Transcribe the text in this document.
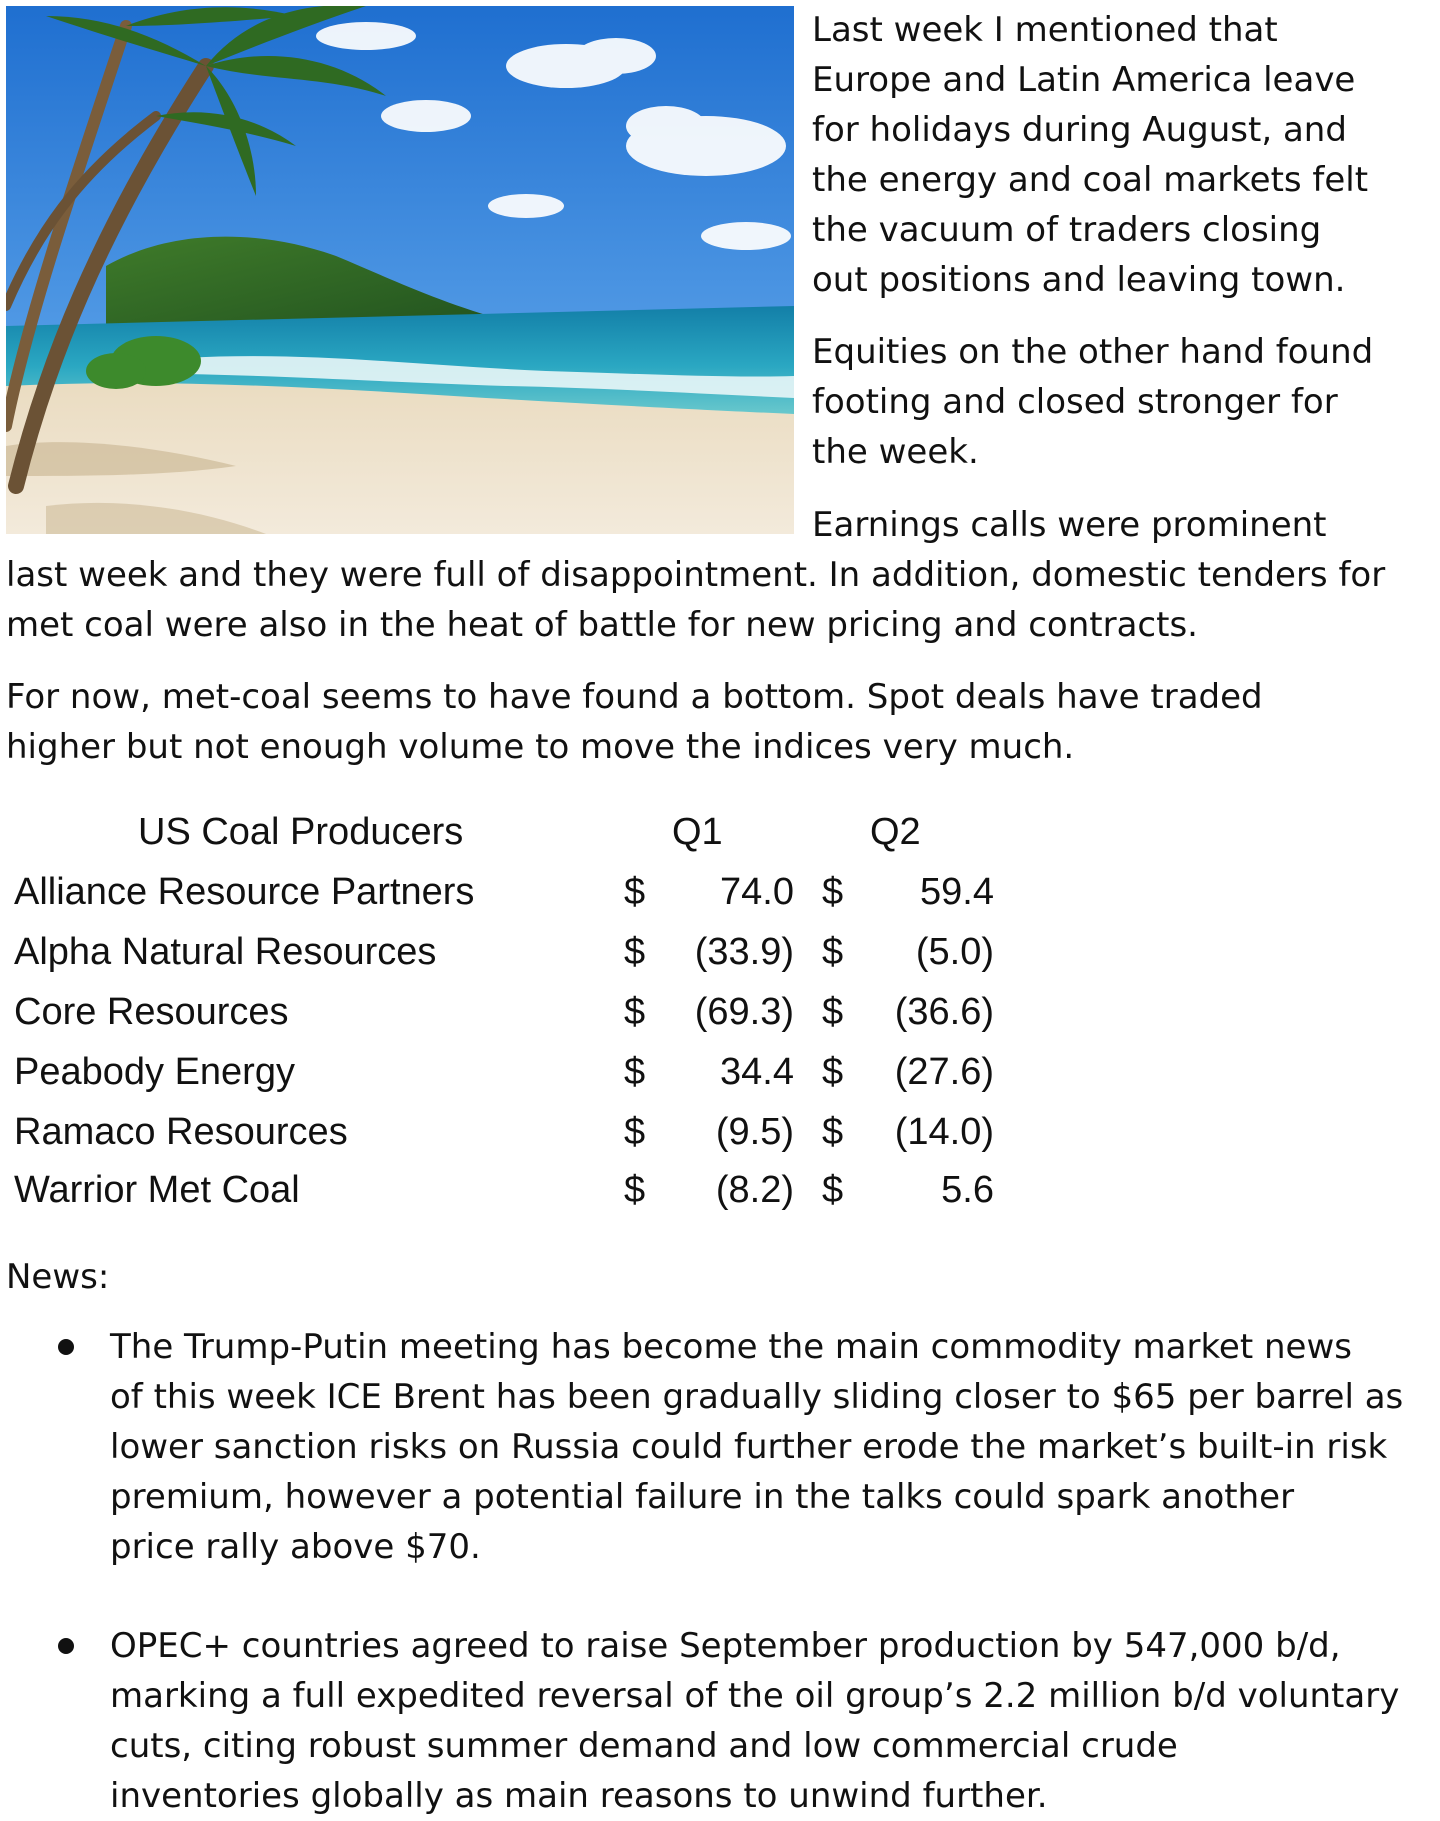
Last week I mentioned that
Europe and Latin America leave
for holidays during August, and
the energy and coal markets felt
the vacuum of traders closing
out positions and leaving town.
Equities on the other hand found
footing and closed stronger for
the week.
Earnings calls were prominent
last week and they were full of disappointment. In addition, domestic tenders for
met coal were also in the heat of battle for new pricing and contracts.
For now, met-coal seems to have found a bottom. Spot deals have traded
higher but not enough volume to move the indices very much.
US Coal Producers	Q1	Q2
Alliance Resource Partners	$	74.0 $	59.4
Alpha Natural Resources	$	(33.9) $	(5.0)
Core Resources	$	(69.3) $	(36.6)
Peabody Energy	$	34.4 $	(27.6)
Ramaco Resources	$	(9.5) $	(14.0)
Warrior Met Coal	$	(8.2) $	5.6
News:
The Trump-Putin meeting has become the main commodity market news
of this week ICE Brent has been gradually sliding closer to $65 per barrel as
lower sanction risks on Russia could further erode the market’s built-in risk
premium, however a potential failure in the talks could spark another
price rally above $70.
OPEC+ countries agreed to raise September production by 547,000 b/d,
marking a full expedited reversal of the oil group’s 2.2 million b/d voluntary
cuts, citing robust summer demand and low commercial crude
inventories globally as main reasons to unwind further.
